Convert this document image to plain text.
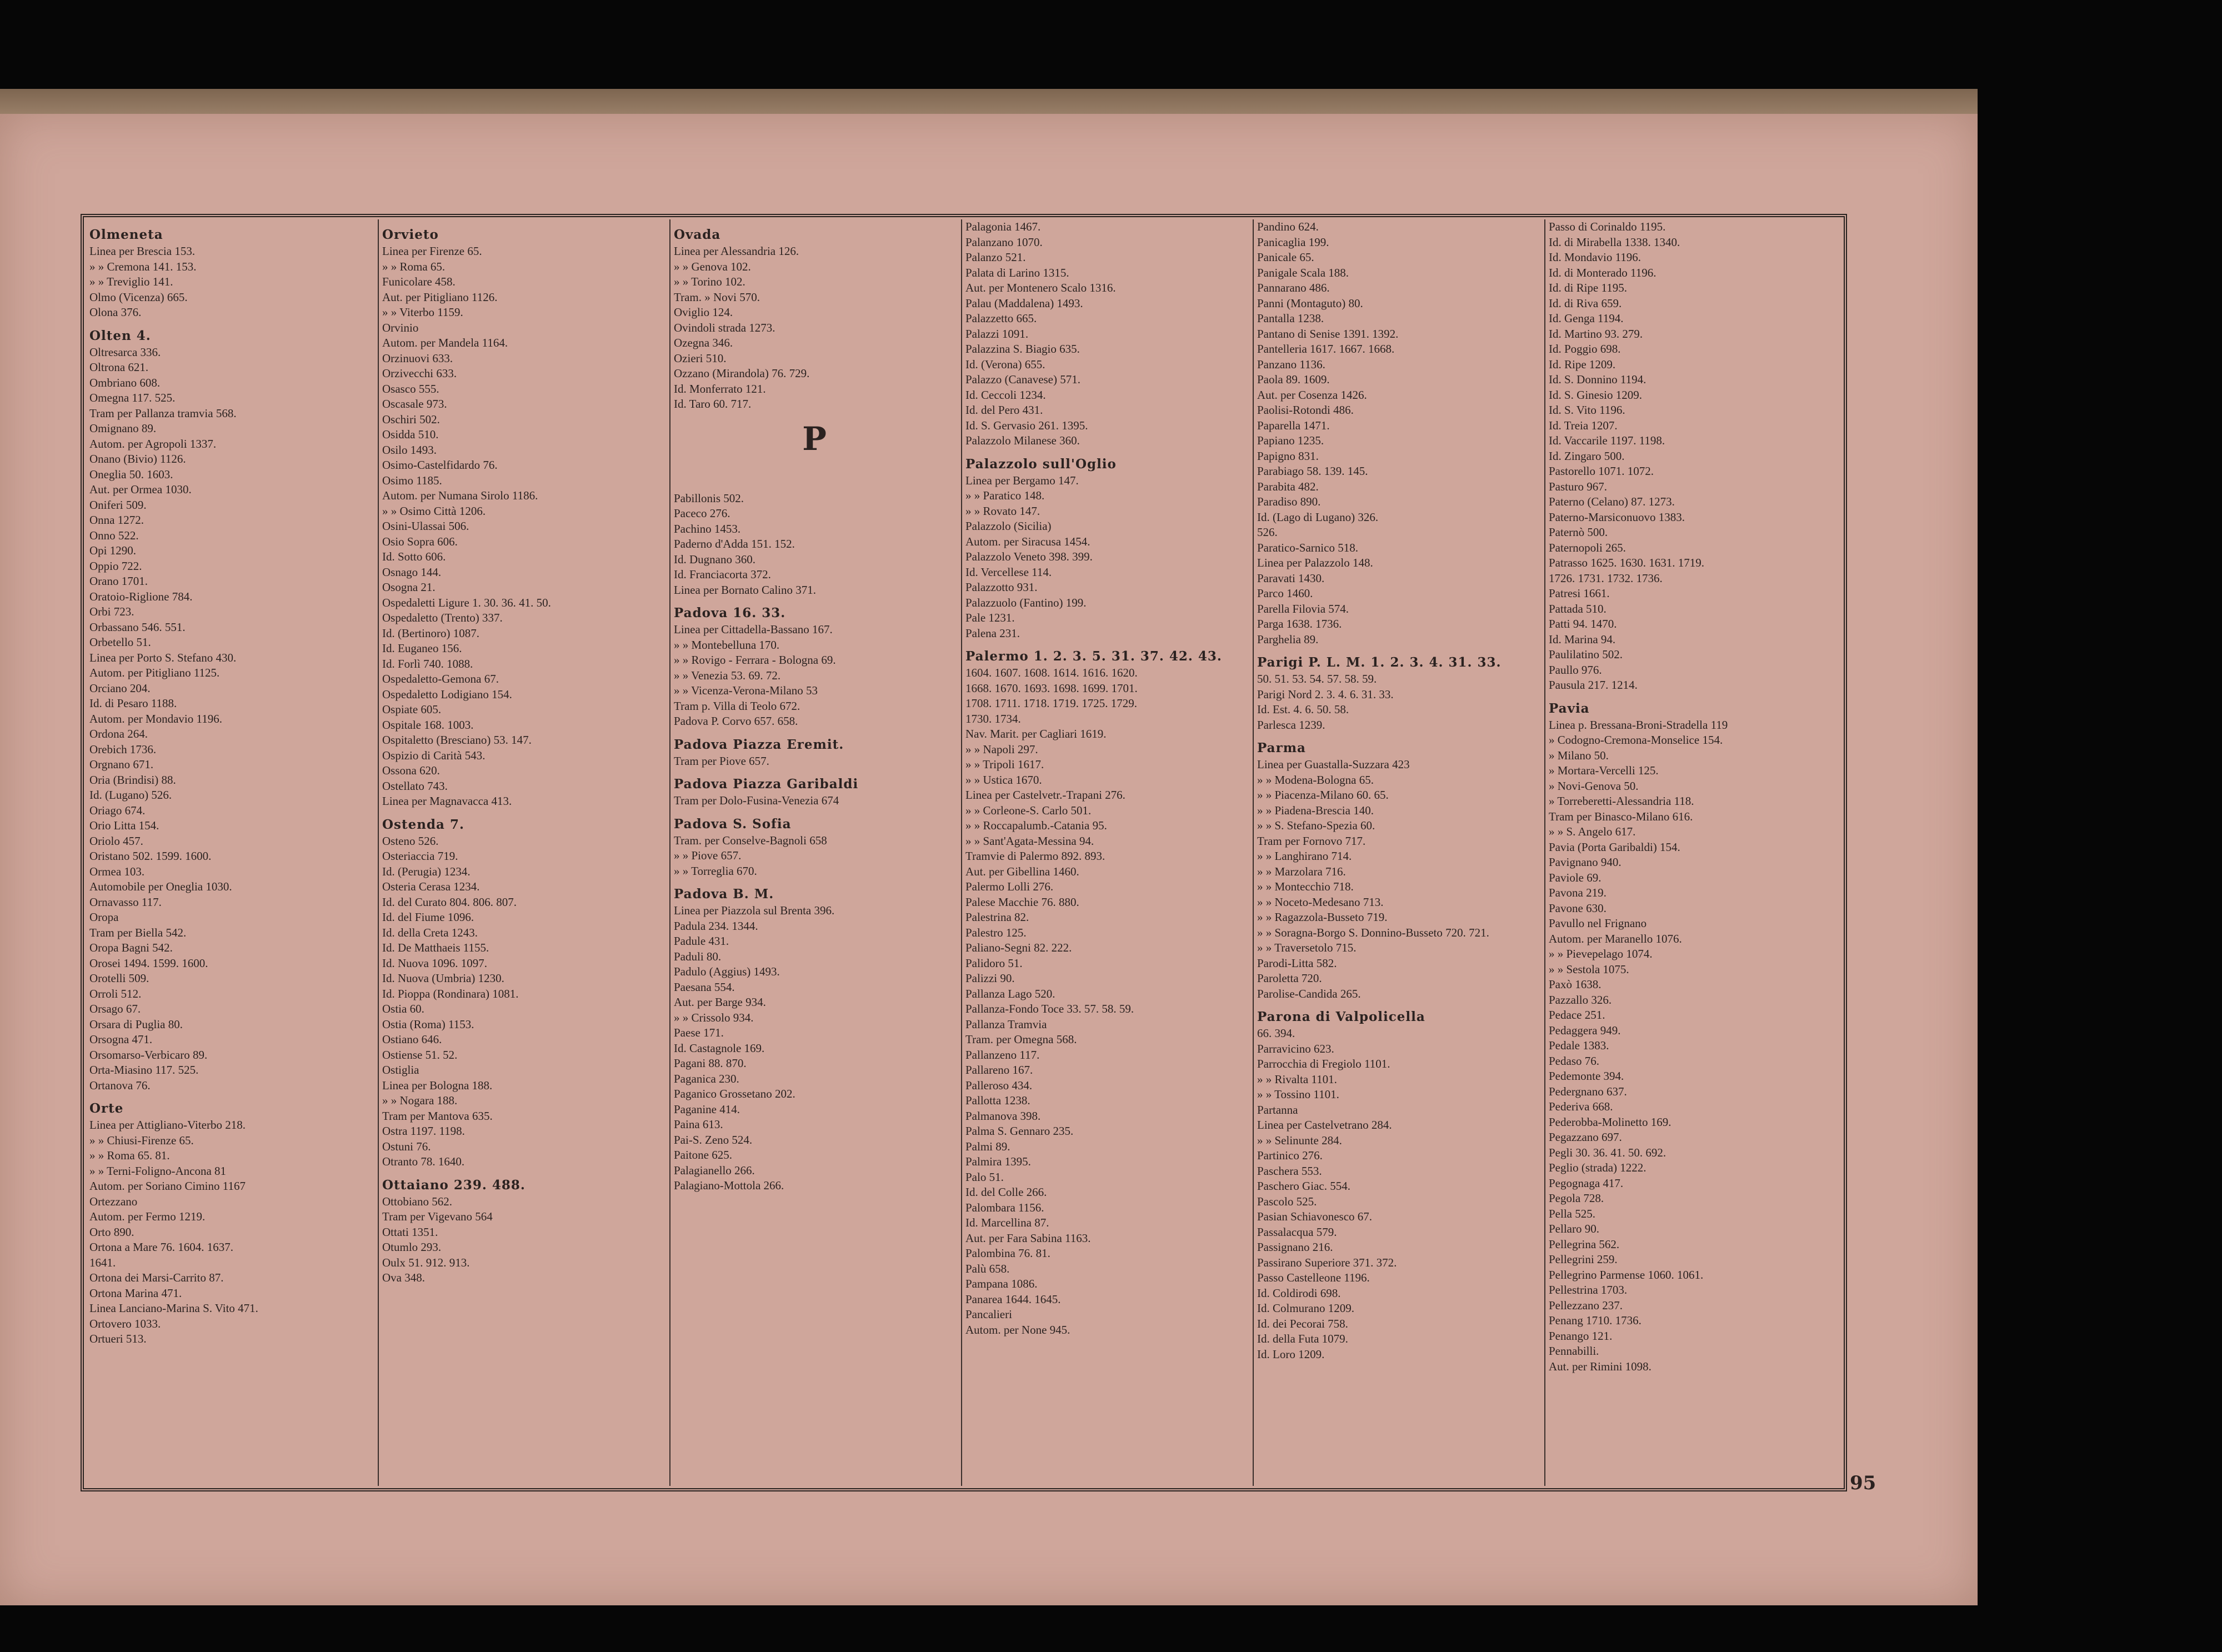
Olmeneta
Linea per Brescia 153.
» » Cremona 141. 153.
» » Treviglio 141.
Olmo (Vicenza) 665.
Olona 376.
Olten 4.
Oltresarca 336.
Oltrona 621.
Ombriano 608.
Omegna 117. 525.
Tram per Pallanza tramvia 568.
Omignano 89.
Autom. per Agropoli 1337.
Onano (Bivio) 1126.
Oneglia 50. 1603.
Aut. per Ormea 1030.
Oniferi 509.
Onna 1272.
Onno 522.
Opi 1290.
Oppio 722.
Orano 1701.
Oratoio-Riglione 784.
Orbi 723.
Orbassano 546. 551.
Orbetello 51.
Linea per Porto S. Stefano 430.
Autom. per Pitigliano 1125.
Orciano 204.
Id. di Pesaro 1188.
Autom. per Mondavio 1196.
Ordona 264.
Orebich 1736.
Orgnano 671.
Oria (Brindisi) 88.
Id. (Lugano) 526.
Oriago 674.
Orio Litta 154.
Oriolo 457.
Oristano 502. 1599. 1600.
Ormea 103.
Automobile per Oneglia 1030.
Ornavasso 117.
Oropa
Tram per Biella 542.
Oropa Bagni 542.
Orosei 1494. 1599. 1600.
Orotelli 509.
Orroli 512.
Orsago 67.
Orsara di Puglia 80.
Orsogna 471.
Orsomarso-Verbicaro 89.
Orta-Miasino 117. 525.
Ortanova 76.
Orte
Linea per Attigliano-Viterbo 218.
» » Chiusi-Firenze 65.
» » Roma 65. 81.
» » Terni-Foligno-Ancona 81
Autom. per Soriano Cimino 1167
Ortezzano
Autom. per Fermo 1219.
Orto 890.
Ortona a Mare 76. 1604. 1637.
1641.
Ortona dei Marsi-Carrito 87.
Ortona Marina 471.
Linea Lanciano-Marina S. Vito 471.
Ortovero 1033.
Ortueri 513.
Orvieto
Linea per Firenze 65.
» » Roma 65.
Funicolare 458.
Aut. per Pitigliano 1126.
» » Viterbo 1159.
Orvinio
Autom. per Mandela 1164.
Orzinuovi 633.
Orzivecchi 633.
Osasco 555.
Oscasale 973.
Oschiri 502.
Osidda 510.
Osilo 1493.
Osimo-Castelfidardo 76.
Osimo 1185.
Autom. per Numana Sirolo 1186.
» » Osimo Città 1206.
Osini-Ulassai 506.
Osio Sopra 606.
Id. Sotto 606.
Osnago 144.
Osogna 21.
Ospedaletti Ligure 1. 30. 36. 41. 50.
Ospedaletto (Trento) 337.
Id. (Bertinoro) 1087.
Id. Euganeo 156.
Id. Forlì 740. 1088.
Ospedaletto-Gemona 67.
Ospedaletto Lodigiano 154.
Ospiate 605.
Ospitale 168. 1003.
Ospitaletto (Bresciano) 53. 147.
Ospizio di Carità 543.
Ossona 620.
Ostellato 743.
Linea per Magnavacca 413.
Ostenda 7.
Osteno 526.
Osteriaccia 719.
Id. (Perugia) 1234.
Osteria Cerasa 1234.
Id. del Curato 804. 806. 807.
Id. del Fiume 1096.
Id. della Creta 1243.
Id. De Matthaeis 1155.
Id. Nuova 1096. 1097.
Id. Nuova (Umbria) 1230.
Id. Pioppa (Rondinara) 1081.
Ostia 60.
Ostia (Roma) 1153.
Ostiano 646.
Ostiense 51. 52.
Ostiglia
Linea per Bologna 188.
» » Nogara 188.
Tram per Mantova 635.
Ostra 1197. 1198.
Ostuni 76.
Otranto 78. 1640.
Ottaiano 239. 488.
Ottobiano 562.
Tram per Vigevano 564
Ottati 1351.
Otumlo 293.
Oulx 51. 912. 913.
Ova 348.
Ovada
Linea per Alessandria 126.
» » Genova 102.
» » Torino 102.
Tram. » Novi 570.
Oviglio 124.
Ovindoli strada 1273.
Ozegna 346.
Ozieri 510.
Ozzano (Mirandola) 76. 729.
Id. Monferrato 121.
Id. Taro 60. 717.
P
Pabillonis 502.
Paceco 276.
Pachino 1453.
Paderno d'Adda 151. 152.
Id. Dugnano 360.
Id. Franciacorta 372.
Linea per Bornato Calino 371.
Padova 16. 33.
Linea per Cittadella-Bassano 167.
» » Montebelluna 170.
» » Rovigo - Ferrara - Bologna 69.
» » Venezia 53. 69. 72.
» » Vicenza-Verona-Milano 53
Tram p. Villa di Teolo 672.
Padova P. Corvo 657. 658.
Padova Piazza Eremit.
Tram per Piove 657.
Padova Piazza Garibaldi
Tram per Dolo-Fusina-Venezia 674
Padova S. Sofia
Tram. per Conselve-Bagnoli 658
» » Piove 657.
» » Torreglia 670.
Padova B. M.
Linea per Piazzola sul Brenta 396.
Padula 234. 1344.
Padule 431.
Paduli 80.
Padulo (Aggius) 1493.
Paesana 554.
Aut. per Barge 934.
» » Crissolo 934.
Paese 171.
Id. Castagnole 169.
Pagani 88. 870.
Paganica 230.
Paganico Grossetano 202.
Paganine 414.
Paina 613.
Pai-S. Zeno 524.
Paitone 625.
Palagianello 266.
Palagiano-Mottola 266.
Palagonia 1467.
Palanzano 1070.
Palanzo 521.
Palata di Larino 1315.
Aut. per Montenero Scalo 1316.
Palau (Maddalena) 1493.
Palazzetto 665.
Palazzi 1091.
Palazzina S. Biagio 635.
Id. (Verona) 655.
Palazzo (Canavese) 571.
Id. Ceccoli 1234.
Id. del Pero 431.
Id. S. Gervasio 261. 1395.
Palazzolo Milanese 360.
Palazzolo sull'Oglio
Linea per Bergamo 147.
» » Paratico 148.
» » Rovato 147.
Palazzolo (Sicilia)
Autom. per Siracusa 1454.
Palazzolo Veneto 398. 399.
Id. Vercellese 114.
Palazzotto 931.
Palazzuolo (Fantino) 199.
Pale 1231.
Palena 231.
Palermo 1. 2. 3. 5. 31. 37. 42. 43.
1604. 1607. 1608. 1614. 1616. 1620.
1668. 1670. 1693. 1698. 1699. 1701.
1708. 1711. 1718. 1719. 1725. 1729.
1730. 1734.
Nav. Marit. per Cagliari 1619.
» » Napoli 297.
» » Tripoli 1617.
» » Ustica 1670.
Linea per Castelvetr.-Trapani 276.
» » Corleone-S. Carlo 501.
» » Roccapalumb.-Catania 95.
» » Sant'Agata-Messina 94.
Tramvie di Palermo 892. 893.
Aut. per Gibellina 1460.
Palermo Lolli 276.
Palese Macchie 76. 880.
Palestrina 82.
Palestro 125.
Paliano-Segni 82. 222.
Palidoro 51.
Palizzi 90.
Pallanza Lago 520.
Pallanza-Fondo Toce 33. 57. 58. 59.
Pallanza Tramvia
Tram. per Omegna 568.
Pallanzeno 117.
Pallareno 167.
Palleroso 434.
Pallotta 1238.
Palmanova 398.
Palma S. Gennaro 235.
Palmi 89.
Palmira 1395.
Palo 51.
Id. del Colle 266.
Palombara 1156.
Id. Marcellina 87.
Aut. per Fara Sabina 1163.
Palombina 76. 81.
Palù 658.
Pampana 1086.
Panarea 1644. 1645.
Pancalieri
Autom. per None 945.
Pandino 624.
Panicaglia 199.
Panicale 65.
Panigale Scala 188.
Pannarano 486.
Panni (Montaguto) 80.
Pantalla 1238.
Pantano di Senise 1391. 1392.
Pantelleria 1617. 1667. 1668.
Panzano 1136.
Paola 89. 1609.
Aut. per Cosenza 1426.
Paolisi-Rotondi 486.
Paparella 1471.
Papiano 1235.
Papigno 831.
Parabiago 58. 139. 145.
Parabita 482.
Paradiso 890.
Id. (Lago di Lugano) 326.
526.
Paratico-Sarnico 518.
Linea per Palazzolo 148.
Paravati 1430.
Parco 1460.
Parella Filovia 574.
Parga 1638. 1736.
Parghelia 89.
Parigi P. L. M. 1. 2. 3. 4. 31. 33.
50. 51. 53. 54. 57. 58. 59.
Parigi Nord 2. 3. 4. 6. 31. 33.
Id. Est. 4. 6. 50. 58.
Parlesca 1239.
Parma
Linea per Guastalla-Suzzara 423
» » Modena-Bologna 65.
» » Piacenza-Milano 60. 65.
» » Piadena-Brescia 140.
» » S. Stefano-Spezia 60.
Tram per Fornovo 717.
» » Langhirano 714.
» » Marzolara 716.
» » Montecchio 718.
» » Noceto-Medesano 713.
» » Ragazzola-Busseto 719.
» » Soragna-Borgo S. Donnino-Busseto 720. 721.
» » Traversetolo 715.
Parodi-Litta 582.
Paroletta 720.
Parolise-Candida 265.
Parona di Valpolicella
66. 394.
Parravicino 623.
Parrocchia di Fregiolo 1101.
» » Rivalta 1101.
» » Tossino 1101.
Partanna
Linea per Castelvetrano 284.
» » Selinunte 284.
Partinico 276.
Paschera 553.
Paschero Giac. 554.
Pascolo 525.
Pasian Schiavonesco 67.
Passalacqua 579.
Passignano 216.
Passirano Superiore 371. 372.
Passo Castelleone 1196.
Id. Coldirodi 698.
Id. Colmurano 1209.
Id. dei Pecorai 758.
Id. della Futa 1079.
Id. Loro 1209.
Passo di Corinaldo 1195.
Id. di Mirabella 1338. 1340.
Id. Mondavio 1196.
Id. di Monterado 1196.
Id. di Ripe 1195.
Id. di Riva 659.
Id. Genga 1194.
Id. Martino 93. 279.
Id. Poggio 698.
Id. Ripe 1209.
Id. S. Donnino 1194.
Id. S. Ginesio 1209.
Id. S. Vito 1196.
Id. Treia 1207.
Id. Vaccarile 1197. 1198.
Id. Zingaro 500.
Pastorello 1071. 1072.
Pasturo 967.
Paterno (Celano) 87. 1273.
Paterno-Marsiconuovo 1383.
Paternò 500.
Paternopoli 265.
Patrasso 1625. 1630. 1631. 1719.
1726. 1731. 1732. 1736.
Patresi 1661.
Pattada 510.
Patti 94. 1470.
Id. Marina 94.
Paulilatino 502.
Paullo 976.
Pausula 217. 1214.
Pavia
Linea p. Bressana-Broni-Stradella 119
» Codogno-Cremona-Monselice 154.
» Milano 50.
» Mortara-Vercelli 125.
» Novi-Genova 50.
» Torreberetti-Alessandria 118.
Tram per Binasco-Milano 616.
» » S. Angelo 617.
Pavia (Porta Garibaldi) 154.
Pavignano 940.
Paviole 69.
Pavona 219.
Pavone 630.
Pavullo nel Frignano
Autom. per Maranello 1076.
» » Pievepelago 1074.
» » Sestola 1075.
Paxò 1638.
Pazzallo 326.
Pedace 251.
Pedaggera 949.
Pedale 1383.
Pedaso 76.
Pedemonte 394.
Pedergnano 637.
Pederiva 668.
Pederobba-Molinetto 169.
Pegazzano 697.
Pegli 30. 36. 41. 50. 692.
Peglio (strada) 1222.
Pegognaga 417.
Pegola 728.
Pella 525.
Pellaro 90.
Pellegrina 562.
Pellegrini 259.
Pellegrino Parmense 1060. 1061.
Pellestrina 1703.
Pellezzano 237.
Penang 1710. 1736.
Penango 121.
Pennabilli.
Aut. per Rimini 1098.
95
